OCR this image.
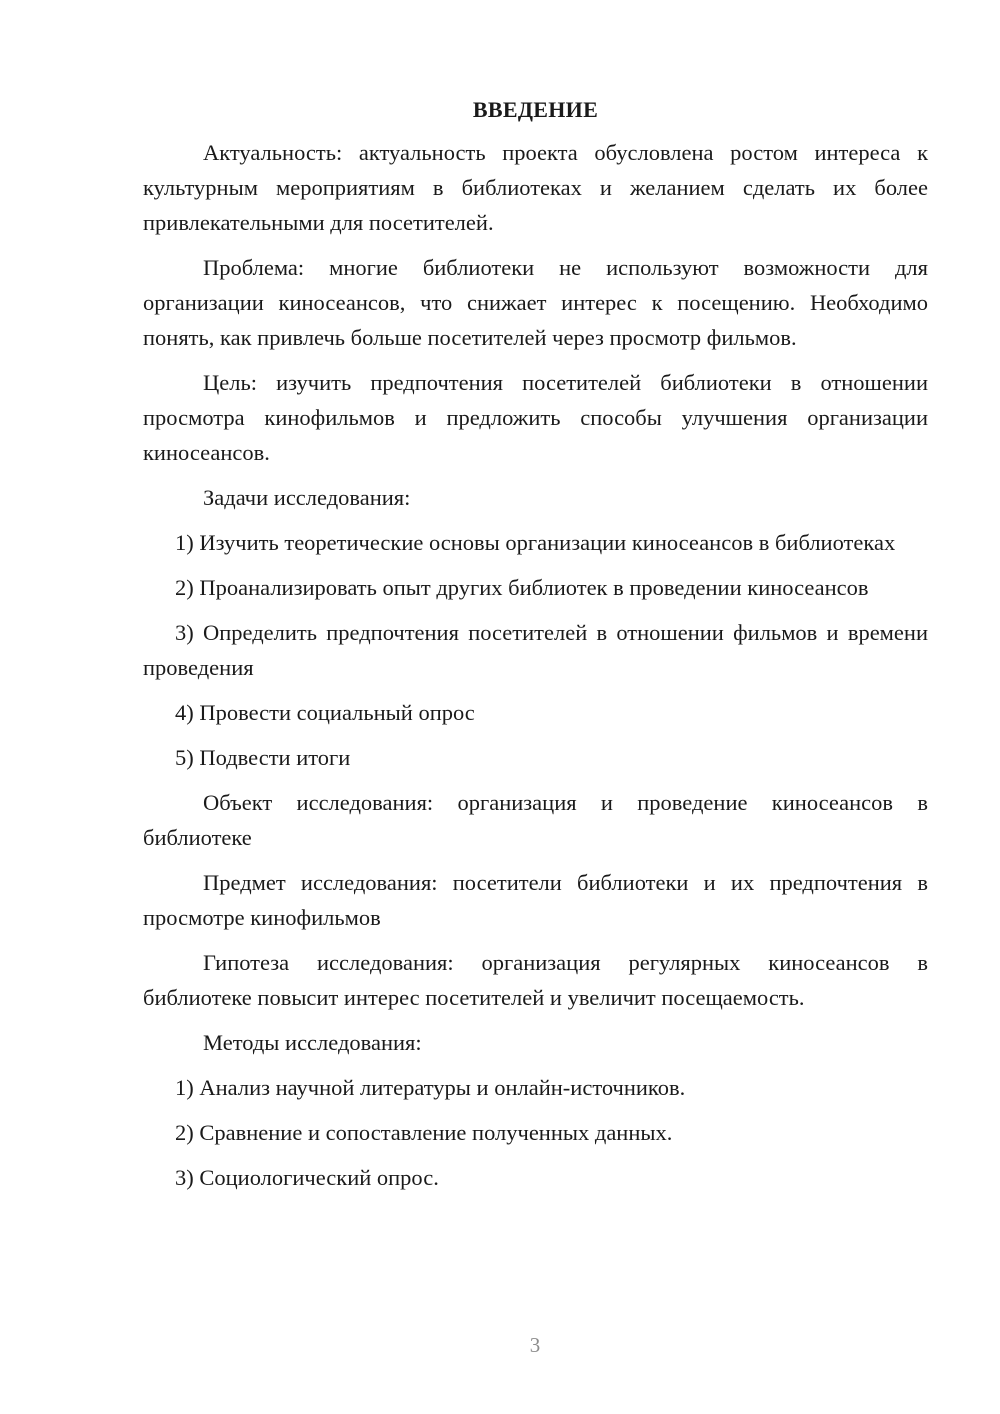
ВВЕДЕНИЕ

Актуальность: актуальность проекта обусловлена ростом интереса к культурным мероприятиям в библиотеках и желанием сделать их более привлекательными для посетителей.

Проблема: многие библиотеки не используют возможности для организации киносеансов, что снижает интерес к посещению. Необходимо понять, как привлечь больше посетителей через просмотр фильмов.

Цель: изучить предпочтения посетителей библиотеки в отношении просмотра кинофильмов и предложить способы улучшения организации киносеансов.

Задачи исследования:

1) Изучить теоретические основы организации киносеансов в библиотеках

2) Проанализировать опыт других библиотек в проведении киносеансов

3) Определить предпочтения посетителей в отношении фильмов и времени проведения

4) Провести социальный опрос

5) Подвести итоги

Объект исследования: организация и проведение киносеансов в библиотеке

Предмет исследования: посетители библиотеки и их предпочтения в просмотре кинофильмов

Гипотеза исследования: организация регулярных киносеансов в библиотеке повысит интерес посетителей и увеличит посещаемость.

Методы исследования:

1) Анализ научной литературы и онлайн-источников.

2) Сравнение и сопоставление полученных данных.

3) Социологический опрос.

3
